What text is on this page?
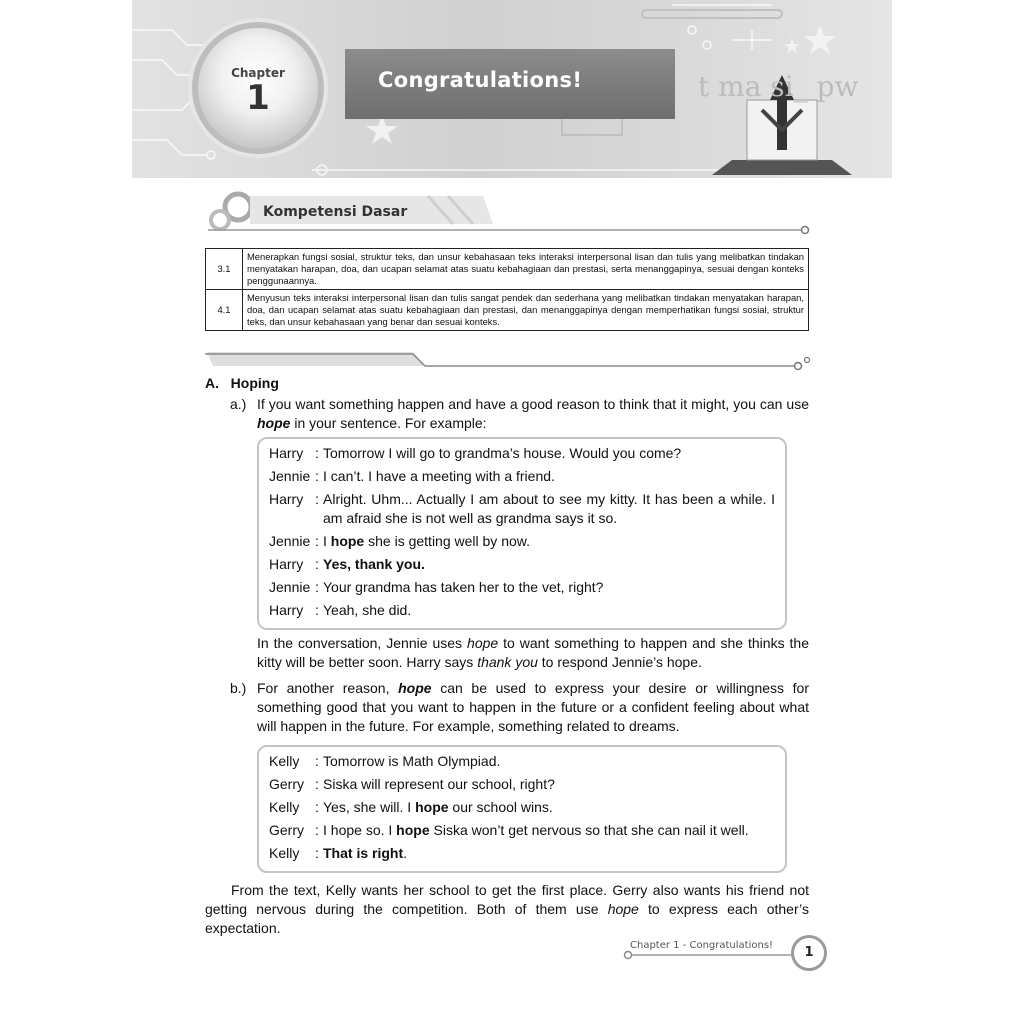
t ma si_ pw
Congratulations!
Chapter
1
Kompetensi Dasar
3.1	Menerapkan fungsi sosial, struktur teks, dan unsur kebahasaan teks interaksi interpersonal lisan dan tulis yang melibatkan tindakan menyatakan harapan, doa, dan ucapan selamat atas suatu kebahagiaan dan prestasi, serta menanggapinya, sesuai dengan konteks penggunaannya.
4.1	Menyusun teks interaksi interpersonal lisan dan tulis sangat pendek dan sederhana yang melibatkan tindakan menyatakan harapan, doa, dan ucapan selamat atas suatu kebahagiaan dan prestasi, dan menanggapinya dengan memperhatikan fungsi sosial, struktur teks, dan unsur kebahasaan yang benar dan sesuai konteks.
A. Hoping
a.) If you want something happen and have a good reason to think that it might, you can use hope in your sentence. For example:
Harry : Tomorrow I will go to grandma’s house. Would you come?
Jennie : I can’t. I have a meeting with a friend.
Harry : Alright. Uhm... Actually I am about to see my kitty. It has been a while. I am afraid she is not well as grandma says it so.
Jennie : I hope she is getting well by now.
Harry : Yes, thank you.
Jennie : Your grandma has taken her to the vet, right?
Harry : Yeah, she did.
In the conversation, Jennie uses hope to want something to happen and she thinks the kitty will be better soon. Harry says thank you to respond Jennie’s hope.
b.) For another reason, hope can be used to express your desire or willingness for something good that you want to happen in the future or a confident feeling about what will happen in the future. For example, something related to dreams.
Kelly	: Tomorrow is Math Olympiad.
Gerry : Siska will represent our school, right?
Kelly	: Yes, she will. I hope our school wins.
Gerry : I hope so. I hope Siska won’t get nervous so that she can nail it well.
Kelly	: That is right.
From the text, Kelly wants her school to get the first place. Gerry also wants his friend not getting nervous during the competition. Both of them use hope to express each other’s expectation.
Chapter 1 - Congratulations!	1
